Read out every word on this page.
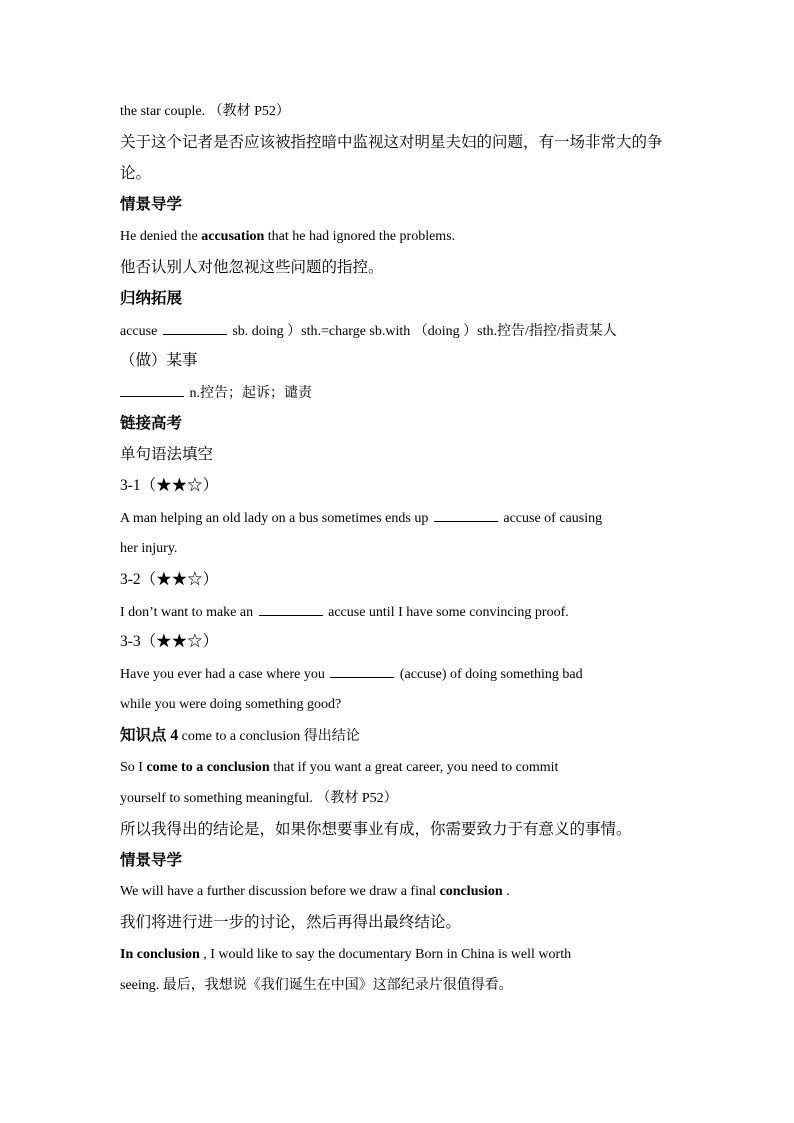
the star couple. （教材 P52）
关于这个记者是否应该被指控暗中监视这对明星夫妇的问题，有一场非常大的争
论。
情景导学
He denied the accusation that he had ignored the problems.
他否认别人对他忽视这些问题的指控。
归纳拓展
accuse	sb. doing ）sth.=charge sb.with （doing ）sth.控告/指控/指责某人
（做）某事
n.控告；起诉；谴责
链接高考
单句语法填空
3-1（★★☆）
A man helping an old lady on a bus sometimes ends up	accuse of causing
her injury.
3-2（★★☆）
I don’t want to make an	accuse until I have some convincing proof.
3-3（★★☆）
Have you ever had a case where you	(accuse) of doing something bad
while you were doing something good?
知识点 4 come to a conclusion 得出结论
So I come to a conclusion that if you want a great career, you need to commit
yourself to something meaningful. （教材 P52）
所以我得出的结论是，如果你想要事业有成，你需要致力于有意义的事情。
情景导学
We will have a further discussion before we draw a final conclusion .
我们将进行进一步的讨论，然后再得出最终结论。
In conclusion , I would like to say the documentary Born in China is well worth
seeing. 最后，我想说《我们诞生在中国》这部纪录片很值得看。
